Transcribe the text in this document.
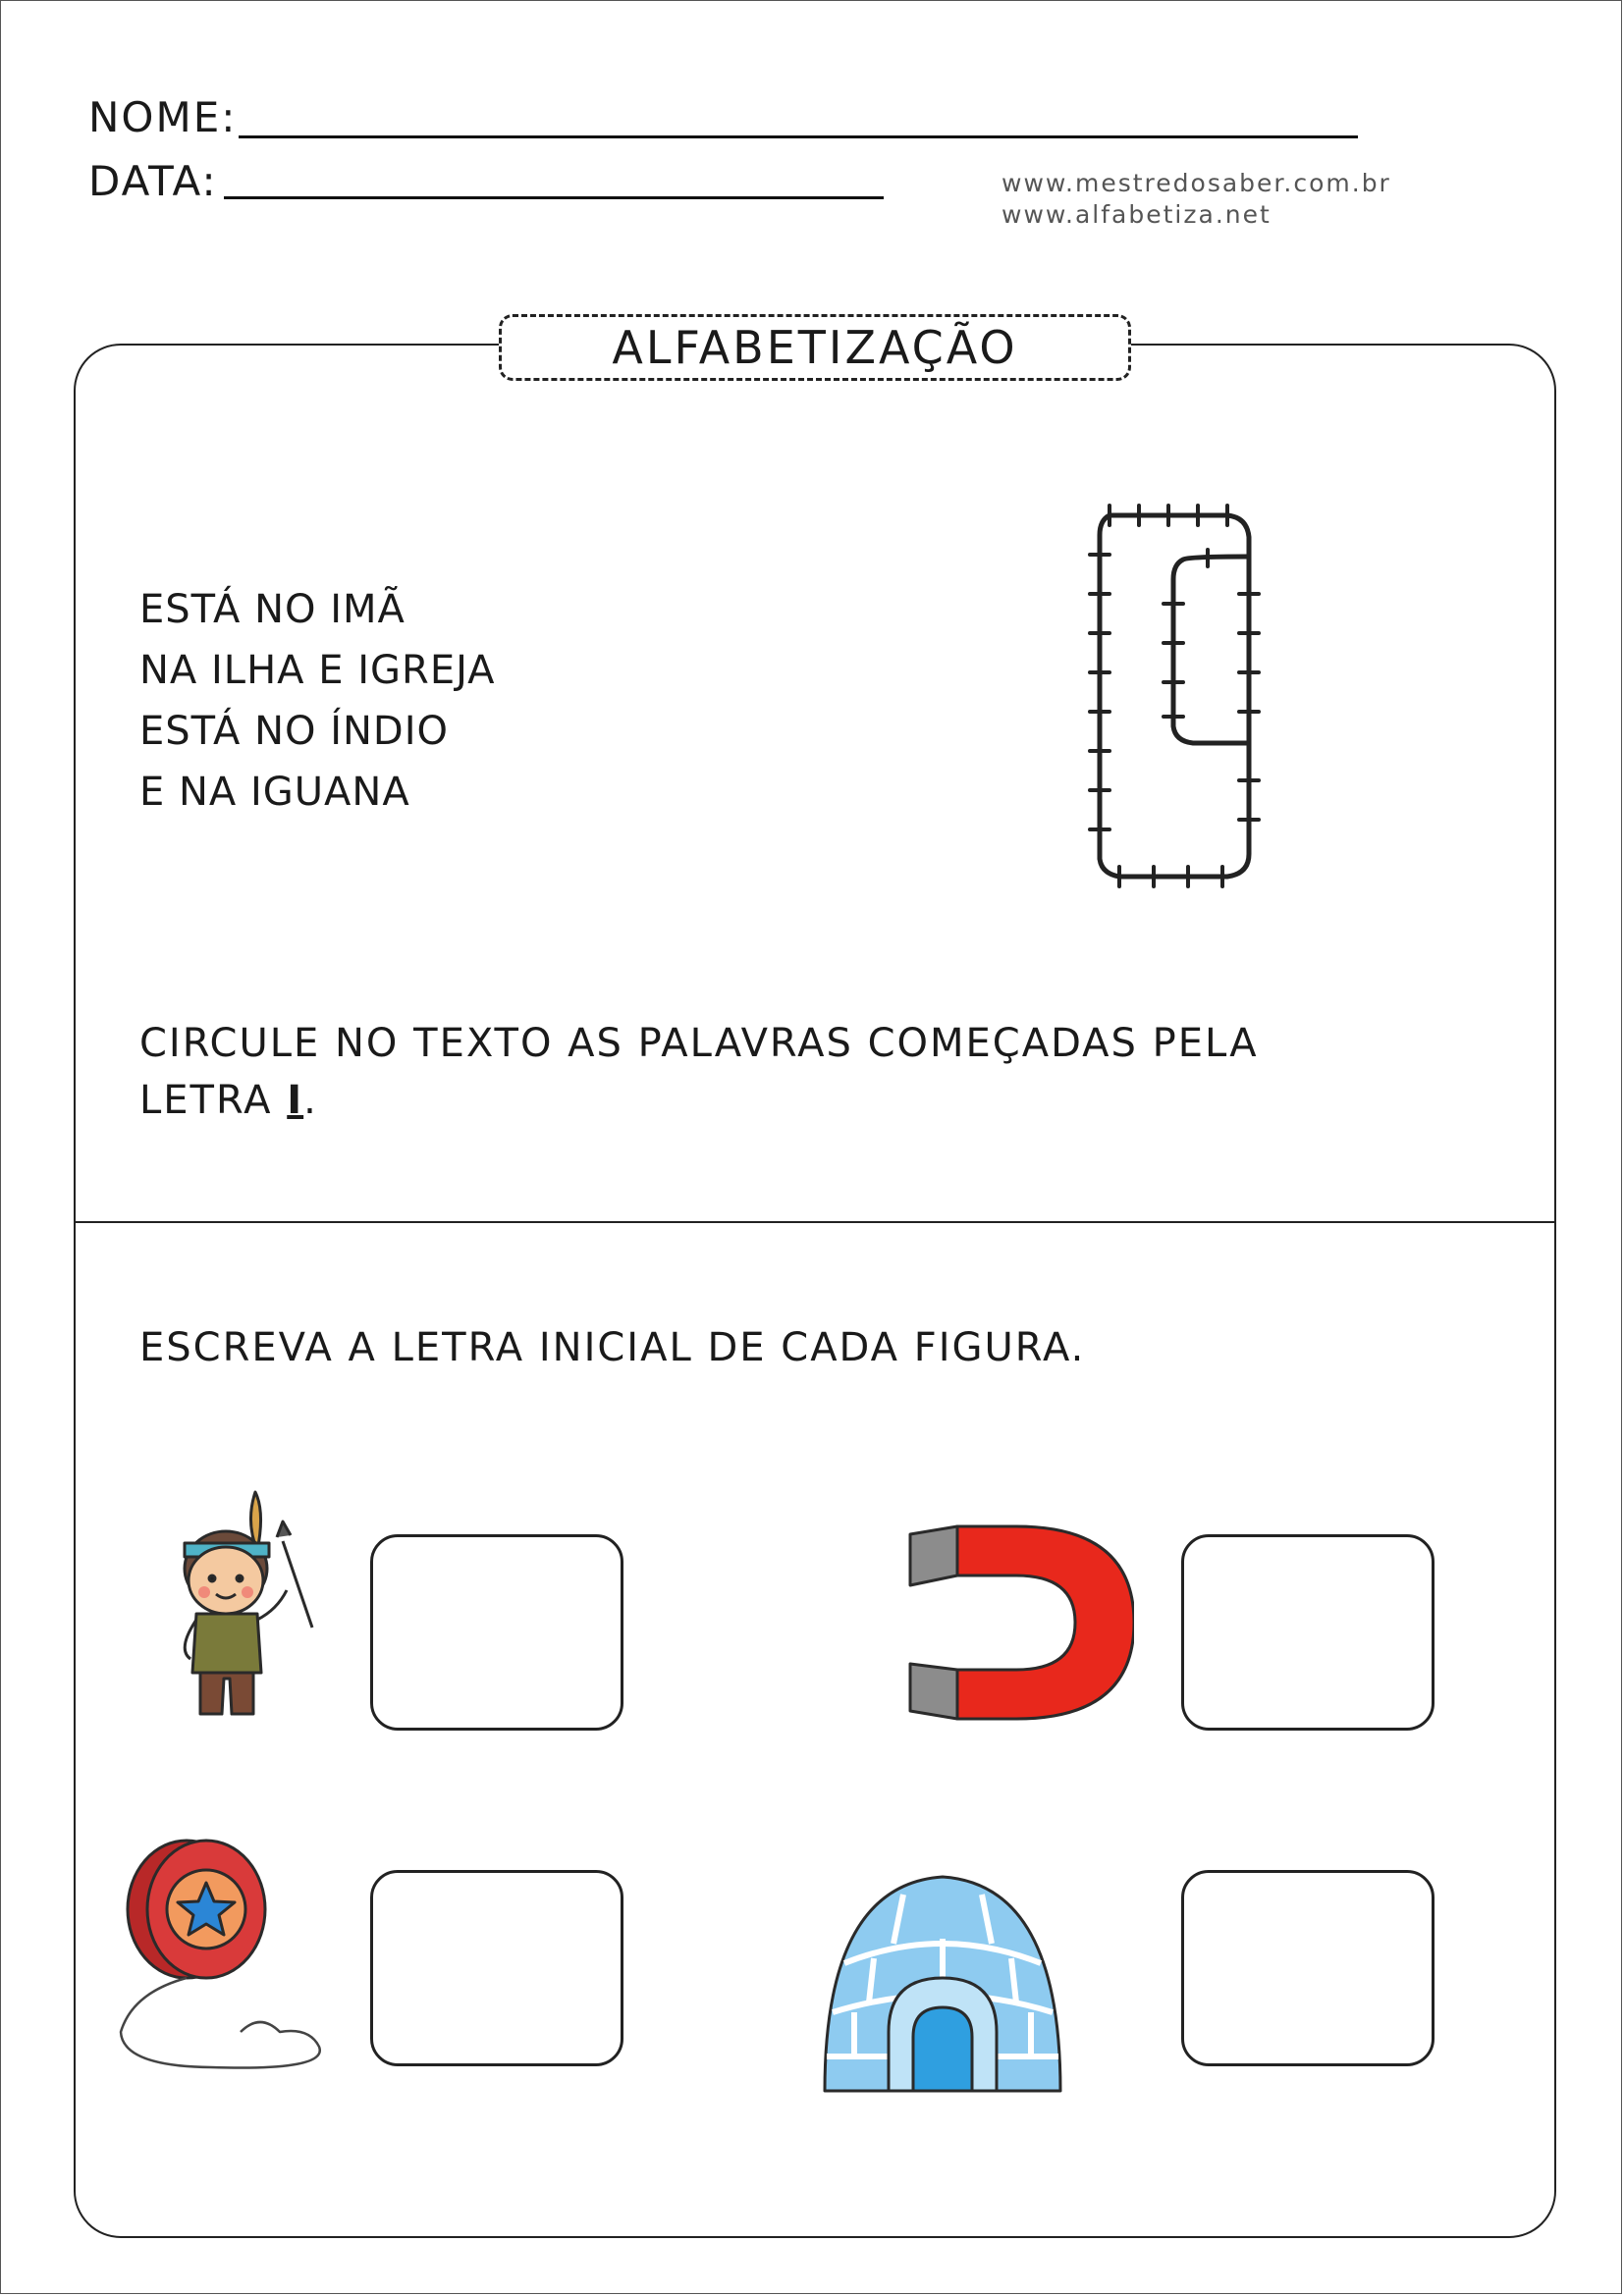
NOME:
DATA:	www.mestredosaber.com.br
www.alfabetiza.net
ALFABETIZAÇÃO
ESTÁ NO IMÃ
NA ILHA E IGREJA
ESTÁ NO ÍNDIO
E NA IGUANA
CIRCULE NO TEXTO AS PALAVRAS COMEÇADAS PELA
LETRA I.
ESCREVA A LETRA INICIAL DE CADA FIGURA.
